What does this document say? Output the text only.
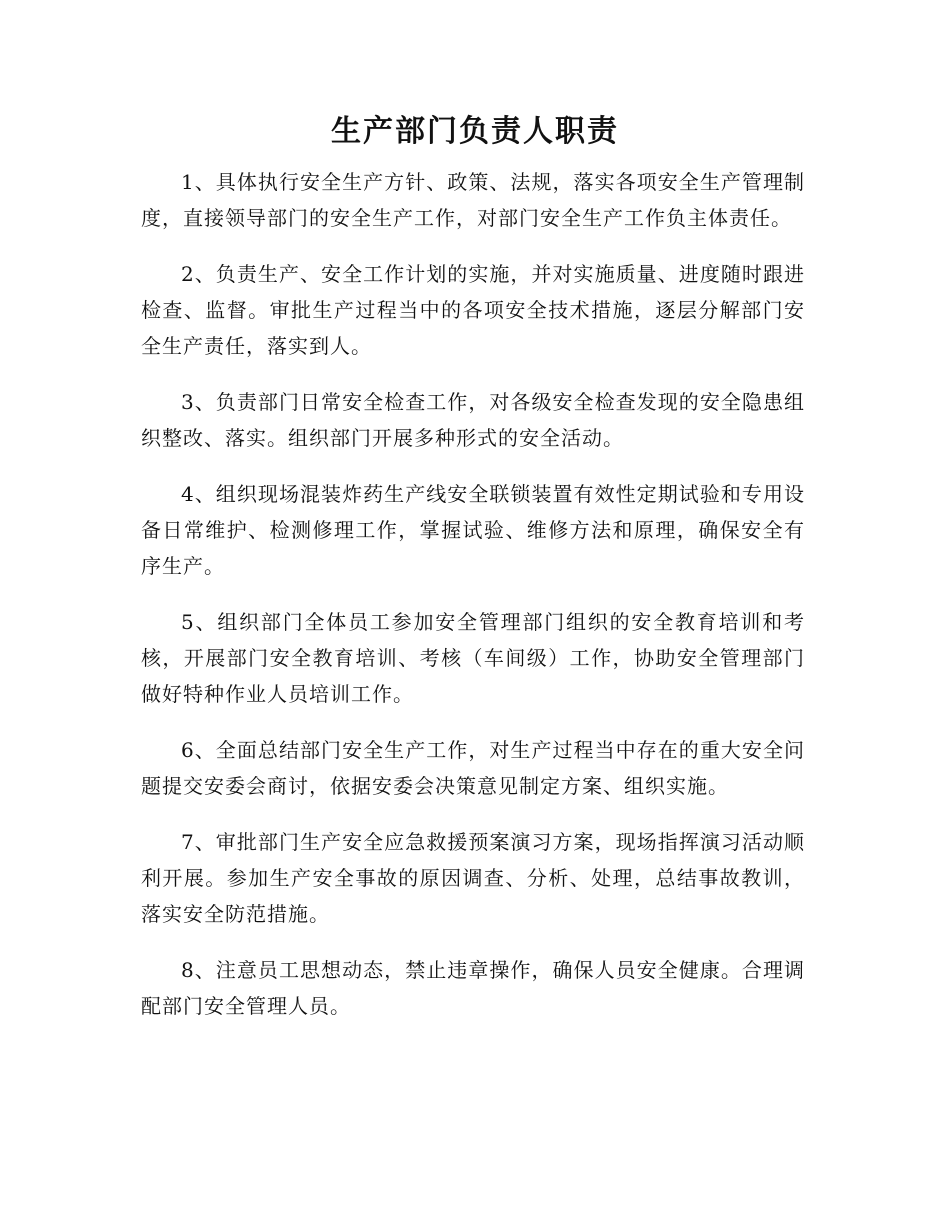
生产部门负责人职责

1、具体执行安全生产方针、政策、法规，落实各项安全生产管理制度，直接领导部门的安全生产工作，对部门安全生产工作负主体责任。

2、负责生产、安全工作计划的实施，并对实施质量、进度随时跟进检查、监督。审批生产过程当中的各项安全技术措施，逐层分解部门安全生产责任，落实到人。

3、负责部门日常安全检查工作，对各级安全检查发现的安全隐患组织整改、落实。组织部门开展多种形式的安全活动。

4、组织现场混装炸药生产线安全联锁装置有效性定期试验和专用设备日常维护、检测修理工作，掌握试验、维修方法和原理，确保安全有序生产。

5、组织部门全体员工参加安全管理部门组织的安全教育培训和考核，开展部门安全教育培训、考核（车间级）工作，协助安全管理部门做好特种作业人员培训工作。

6、全面总结部门安全生产工作，对生产过程当中存在的重大安全问题提交安委会商讨，依据安委会决策意见制定方案、组织实施。

7、审批部门生产安全应急救援预案演习方案，现场指挥演习活动顺利开展。参加生产安全事故的原因调查、分析、处理，总结事故教训，落实安全防范措施。

8、注意员工思想动态，禁止违章操作，确保人员安全健康。合理调配部门安全管理人员。
